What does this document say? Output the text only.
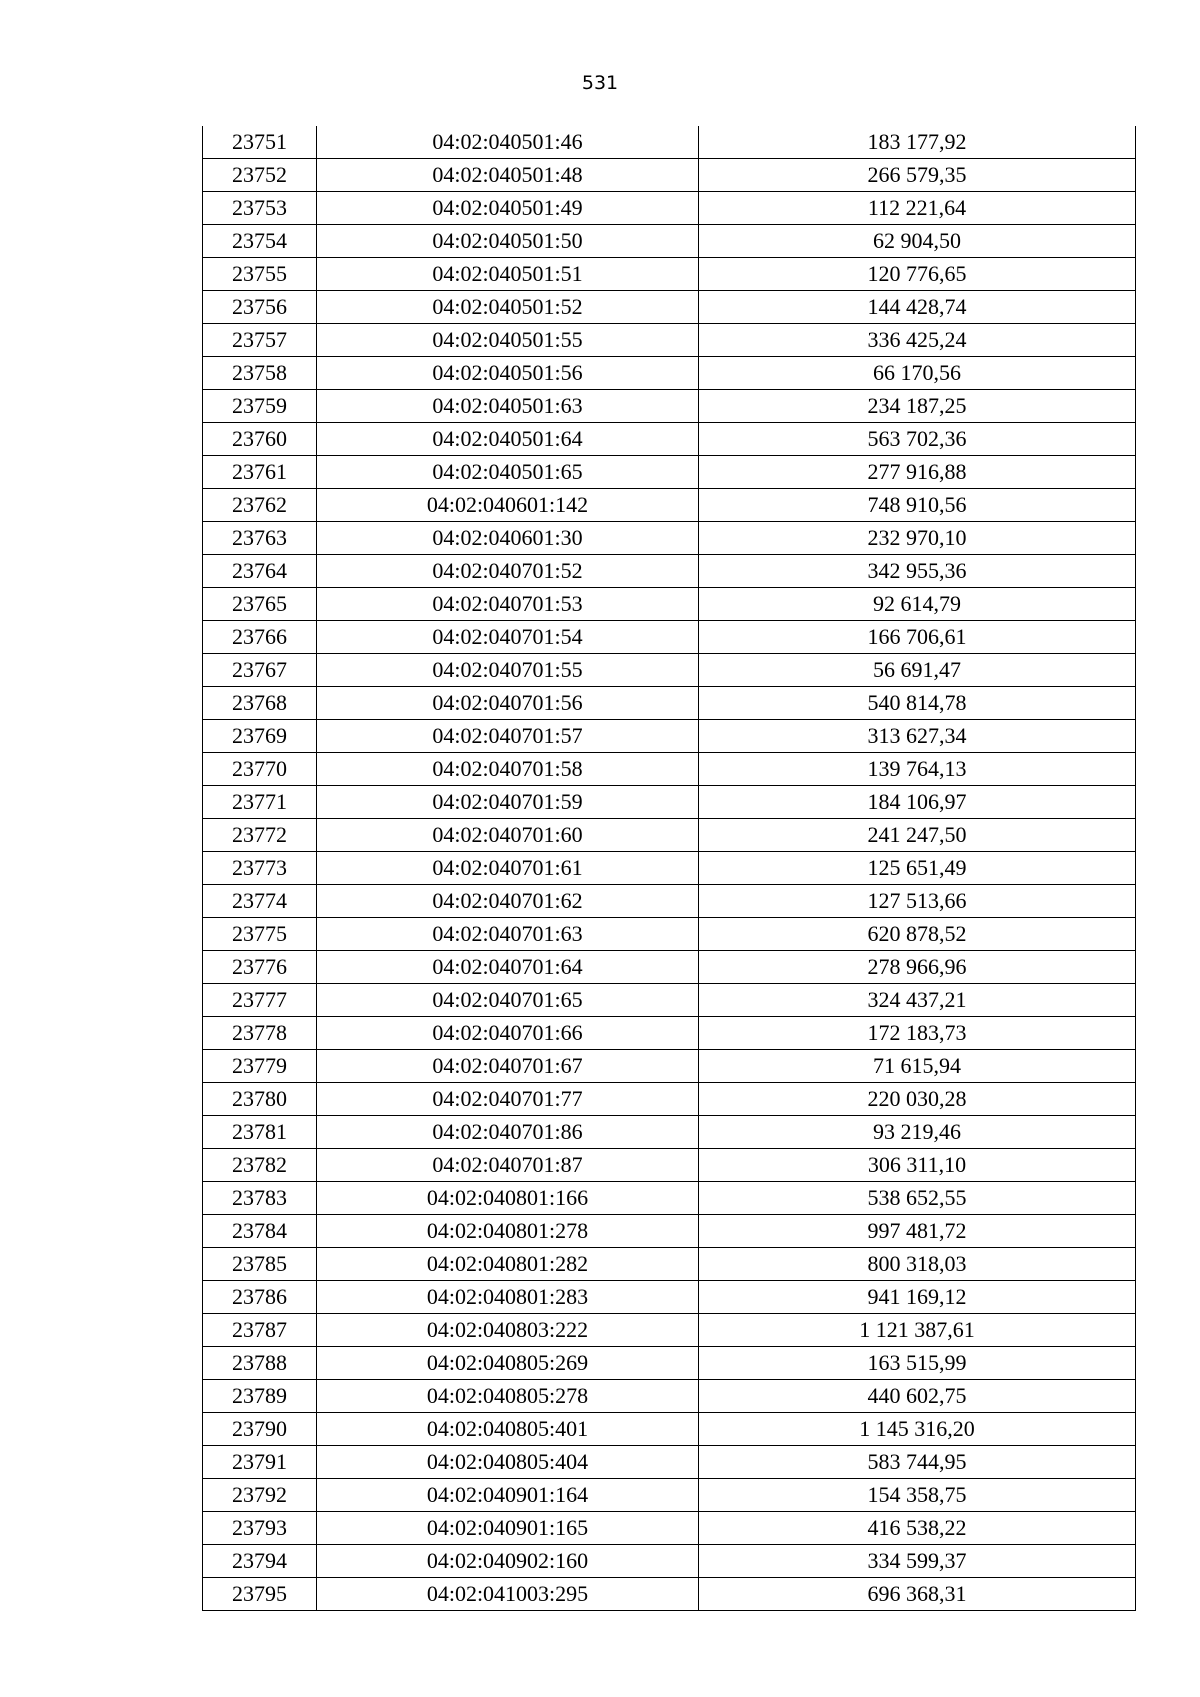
531
23751	04:02:040501:46	183 177,92
23752	04:02:040501:48	266 579,35
23753	04:02:040501:49	112 221,64
23754	04:02:040501:50	62 904,50
23755	04:02:040501:51	120 776,65
23756	04:02:040501:52	144 428,74
23757	04:02:040501:55	336 425,24
23758	04:02:040501:56	66 170,56
23759	04:02:040501:63	234 187,25
23760	04:02:040501:64	563 702,36
23761	04:02:040501:65	277 916,88
23762	04:02:040601:142	748 910,56
23763	04:02:040601:30	232 970,10
23764	04:02:040701:52	342 955,36
23765	04:02:040701:53	92 614,79
23766	04:02:040701:54	166 706,61
23767	04:02:040701:55	56 691,47
23768	04:02:040701:56	540 814,78
23769	04:02:040701:57	313 627,34
23770	04:02:040701:58	139 764,13
23771	04:02:040701:59	184 106,97
23772	04:02:040701:60	241 247,50
23773	04:02:040701:61	125 651,49
23774	04:02:040701:62	127 513,66
23775	04:02:040701:63	620 878,52
23776	04:02:040701:64	278 966,96
23777	04:02:040701:65	324 437,21
23778	04:02:040701:66	172 183,73
23779	04:02:040701:67	71 615,94
23780	04:02:040701:77	220 030,28
23781	04:02:040701:86	93 219,46
23782	04:02:040701:87	306 311,10
23783	04:02:040801:166	538 652,55
23784	04:02:040801:278	997 481,72
23785	04:02:040801:282	800 318,03
23786	04:02:040801:283	941 169,12
23787	04:02:040803:222	1 121 387,61
23788	04:02:040805:269	163 515,99
23789	04:02:040805:278	440 602,75
23790	04:02:040805:401	1 145 316,20
23791	04:02:040805:404	583 744,95
23792	04:02:040901:164	154 358,75
23793	04:02:040901:165	416 538,22
23794	04:02:040902:160	334 599,37
23795	04:02:041003:295	696 368,31
